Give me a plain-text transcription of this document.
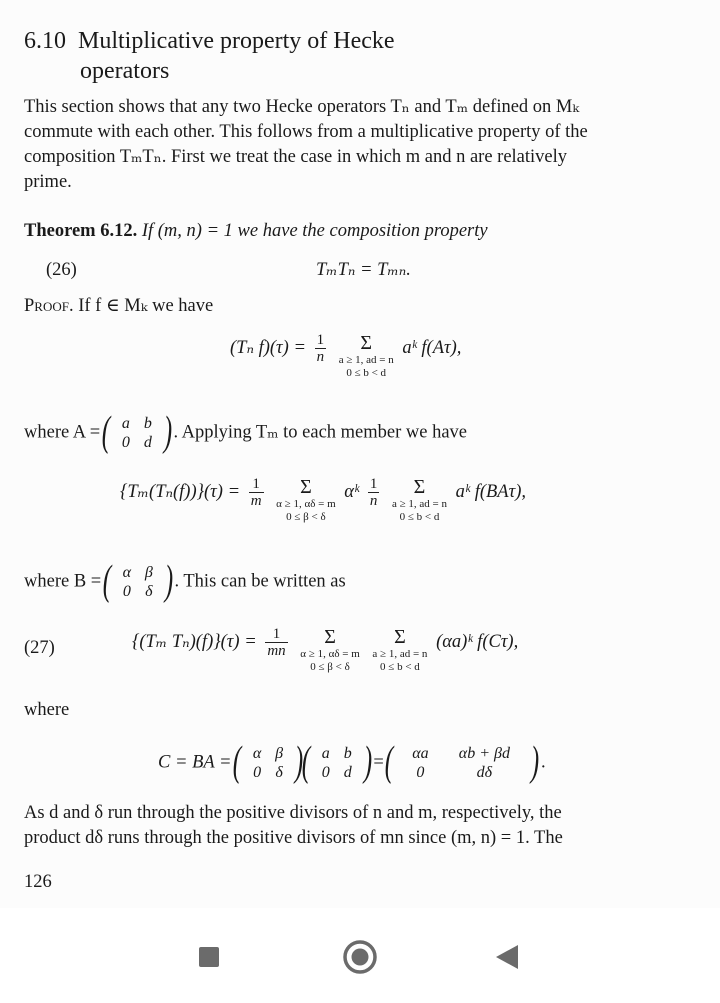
6.10 Multiplicative property of Hecke
operators
This section shows that any two Hecke operators Tₙ and Tₘ defined on Mₖ
commute with each other. This follows from a multiplicative property of the
composition TₘTₙ. First we treat the case in which m and n are relatively
prime.
Theorem 6.12. If (m, n) = 1 we have the composition property
(26)	TₘTₙ = Tₘₙ.
Proof. If f ∈ Mₖ we have
(Tₙ $f)(\tau) = \frac{1}{n}$
	Σ
a ≥ 1, ad = n
0 ≤ b < d
aᵏ f(Aτ),
where A = ( a b
0 d ) . Applying Tₘ to each member we have
$\{T_m(T_n(f))\}(\tau) = \frac{1}{m}$
	Σ
α ≥ 1, αδ = m
0 ≤ β < δ
αᵏ $\frac{1}{n}$
	Σ
a ≥ 1, ad = n
0 ≤ b < d
aᵏ f(BAτ),
where B = ( α β
0 δ ) . This can be written as
(27)	{(Tₘ $T_n)(f)\}(\tau) = \frac{1}{mn}$
	Σ
α ≥ 1, αδ = m
0 ≤ β < δ

Σ
a ≥ 1, ad = n
0 ≤ b < d
(αa)ᵏ f(Cτ),
where
C = BA = ( α β
0 δ )

( a b
0 d ) = (	αa αb + βd
0	dδ ) .
As d and δ run through the positive divisors of n and m, respectively, the
product dδ runs through the positive divisors of mn since (m, n) = 1. The
126
